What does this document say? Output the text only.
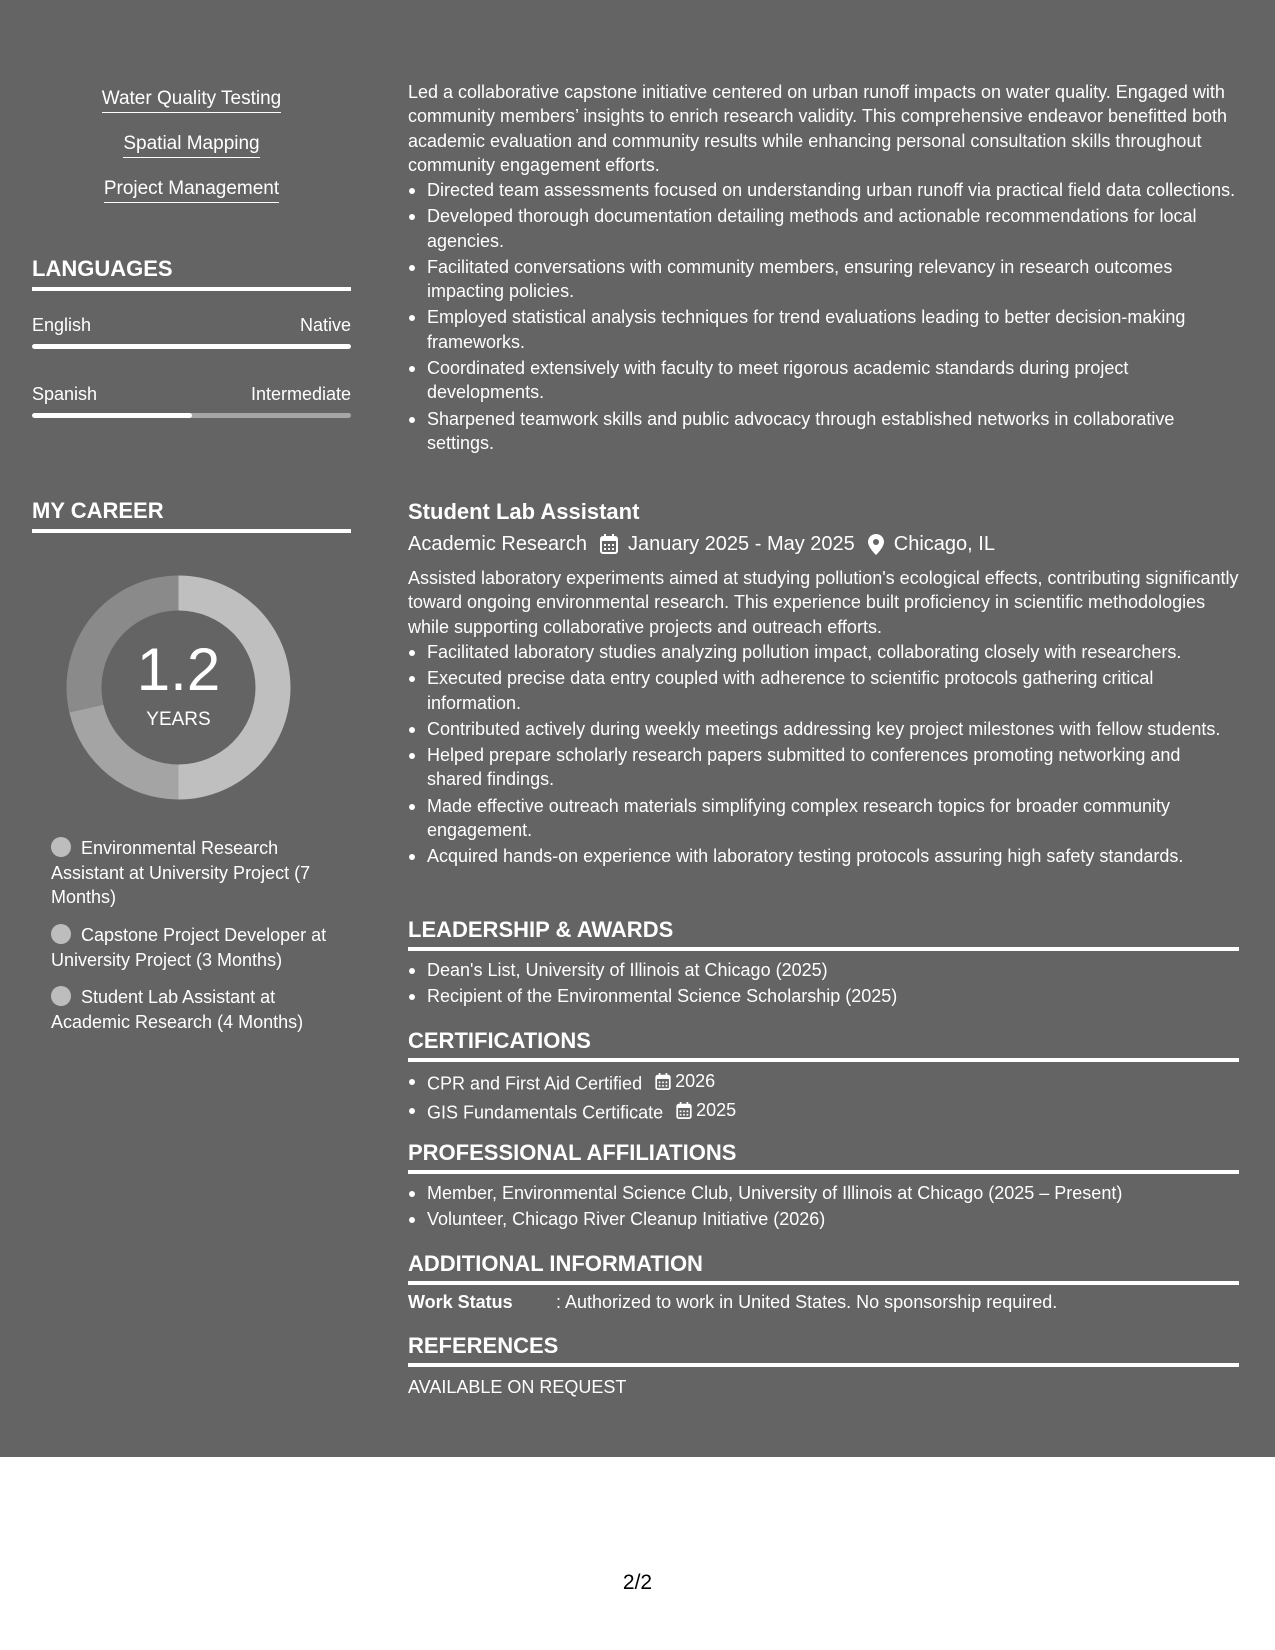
Water Quality Testing
Spatial Mapping
Project Management
LANGUAGES
English	Native
Spanish	Intermediate
MY CAREER
1.2
YEARS
Environmental Research Assistant at University Project (7 Months)
Capstone Project Developer at University Project (3 Months)
Student Lab Assistant at Academic Research (4 Months)
Led a collaborative capstone initiative centered on urban runoff impacts on water quality. Engaged with community members’ insights to enrich research validity. This comprehensive endeavor benefitted both academic evaluation and community results while enhancing personal consultation skills throughout community engagement efforts.
Directed team assessments focused on understanding urban runoff via practical field data collections.
Developed thorough documentation detailing methods and actionable recommendations for local agencies.
Facilitated conversations with community members, ensuring relevancy in research outcomes impacting policies.
Employed statistical analysis techniques for trend evaluations leading to better decision-making frameworks.
Coordinated extensively with faculty to meet rigorous academic standards during project developments.
Sharpened teamwork skills and public advocacy through established networks in collaborative settings.
Student Lab Assistant
Academic Research January 2025 - May 2025 Chicago, IL
Assisted laboratory experiments aimed at studying pollution's ecological effects, contributing significantly toward ongoing environmental research. This experience built proficiency in scientific methodologies while supporting collaborative projects and outreach efforts.
Facilitated laboratory studies analyzing pollution impact, collaborating closely with researchers.
Executed precise data entry coupled with adherence to scientific protocols gathering critical information.
Contributed actively during weekly meetings addressing key project milestones with fellow students.
Helped prepare scholarly research papers submitted to conferences promoting networking and shared findings.
Made effective outreach materials simplifying complex research topics for broader community engagement.
Acquired hands-on experience with laboratory testing protocols assuring high safety standards.
LEADERSHIP & AWARDS
Dean's List, University of Illinois at Chicago (2025)
Recipient of the Environmental Science Scholarship (2025)
CERTIFICATIONS
CPR and First Aid Certified 2026
GIS Fundamentals Certificate 2025
PROFESSIONAL AFFILIATIONS
Member, Environmental Science Club, University of Illinois at Chicago (2025 – Present)
Volunteer, Chicago River Cleanup Initiative (2026)
ADDITIONAL INFORMATION
Work Status	: Authorized to work in United States. No sponsorship required.
REFERENCES
AVAILABLE ON REQUEST
2/2
